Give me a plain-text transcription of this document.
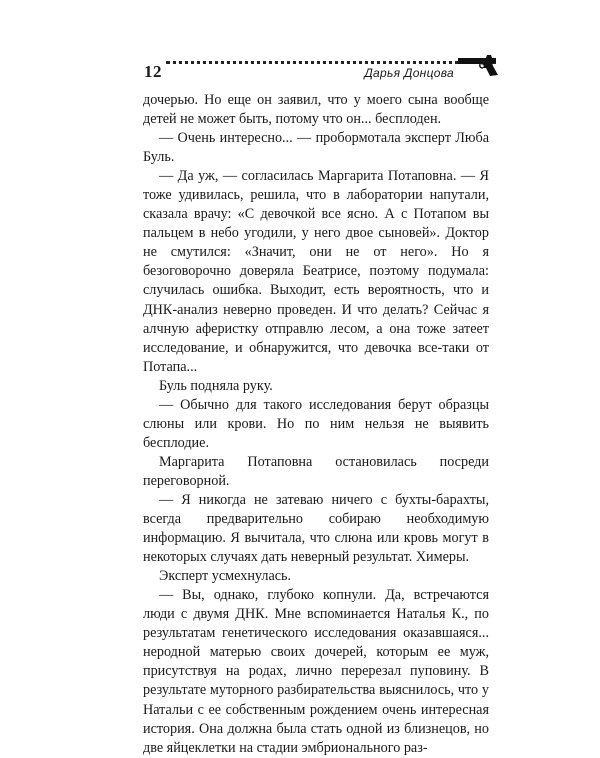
12	Дарья Донцова

дочерью. Но еще он заявил, что у моего сына вообще детей не может быть, потому что он... бесплоден.

— Очень интересно... — пробормотала эксперт Люба Буль.

— Да уж, — согласилась Маргарита Потаповна. — Я тоже удивилась, решила, что в лаборатории напутали, сказала врачу: «С девочкой все ясно. А с Потапом вы пальцем в небо угодили, у него двое сыновей». Доктор не смутился: «Значит, они не от него». Но я безоговорочно доверяла Беатрисе, поэтому подумала: случилась ошибка. Выходит, есть вероятность, что и ДНК-анализ неверно проведен. И что делать? Сейчас я алчную аферистку отправлю лесом, а она тоже затеет исследование, и обнаружится, что девочка все-таки от Потапа...

Буль подняла руку.

— Обычно для такого исследования берут образцы слюны или крови. Но по ним нельзя не выявить бесплодие.

Маргарита Потаповна остановилась посреди переговорной.

— Я никогда не затеваю ничего с бухты-барахты, всегда предварительно собираю необходимую информацию. Я вычитала, что слюна или кровь могут в некоторых случаях дать неверный результат. Химеры.

Эксперт усмехнулась.

— Вы, однако, глубоко копнули. Да, встречаются люди с двумя ДНК. Мне вспоминается Наталья К., по результатам генетического исследования оказавшаяся... неродной матерью своих дочерей, которым ее муж, присутствуя на родах, лично перерезал пуповину. В результате муторного разбирательства выяснилось, что у Натальи с ее собственным рождением очень интересная история. Она должна была стать одной из близнецов, но две яйцеклетки на стадии эмбрионального раз-
